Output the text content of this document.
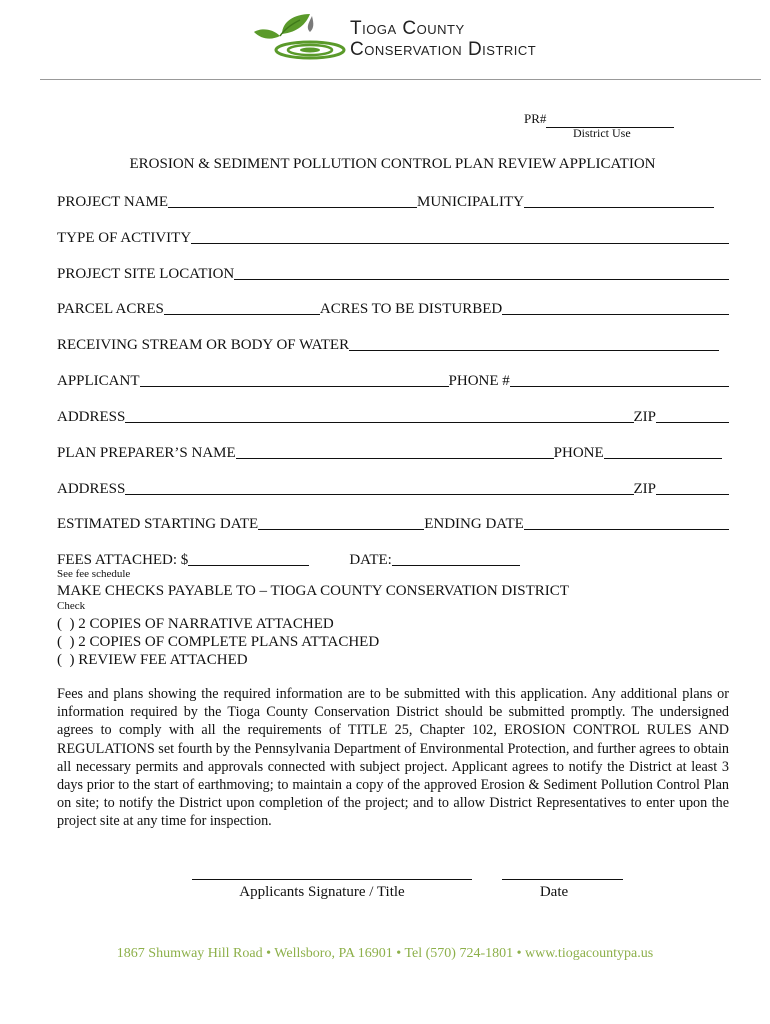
Tioga County
Conservation District
PR#
District Use
EROSION & SEDIMENT POLLUTION CONTROL PLAN REVIEW APPLICATION
PROJECT NAME	MUNICIPALITY
TYPE OF ACTIVITY
PROJECT SITE LOCATION
PARCEL ACRES	ACRES TO BE DISTURBED
RECEIVING STREAM OR BODY OF WATER
APPLICANT	PHONE #
ADDRESS	ZIP
PLAN PREPARER’S NAME	PHONE
ADDRESS	ZIP
ESTIMATED STARTING DATE	ENDING DATE
FEES ATTACHED: $	DATE:
See fee schedule
MAKE CHECKS PAYABLE TO – TIOGA COUNTY CONSERVATION DISTRICT
Check
(  ) 2 COPIES OF NARRATIVE ATTACHED
(  ) 2 COPIES OF COMPLETE PLANS ATTACHED
(  ) REVIEW FEE ATTACHED
Fees and plans showing the required information are to be submitted with this application. Any additional plans or information required by the Tioga County Conservation District should be submitted promptly. The undersigned agrees to comply with all the requirements of TITLE 25, Chapter 102, EROSION CONTROL RULES AND REGULATIONS set fourth by the Pennsylvania Department of Environmental Protection, and further agrees to obtain all necessary permits and approvals connected with subject project. Applicant agrees to notify the District at least 3 days prior to the start of earthmoving; to maintain a copy of the approved Erosion & Sediment Pollution Control Plan on site; to notify the District upon completion of the project; and to allow District Representatives to enter upon the project site at any time for inspection.
Applicants Signature / Title	Date
1867 Shumway Hill Road • Wellsboro, PA 16901 • Tel (570) 724-1801 • www.tiogacountypa.us
